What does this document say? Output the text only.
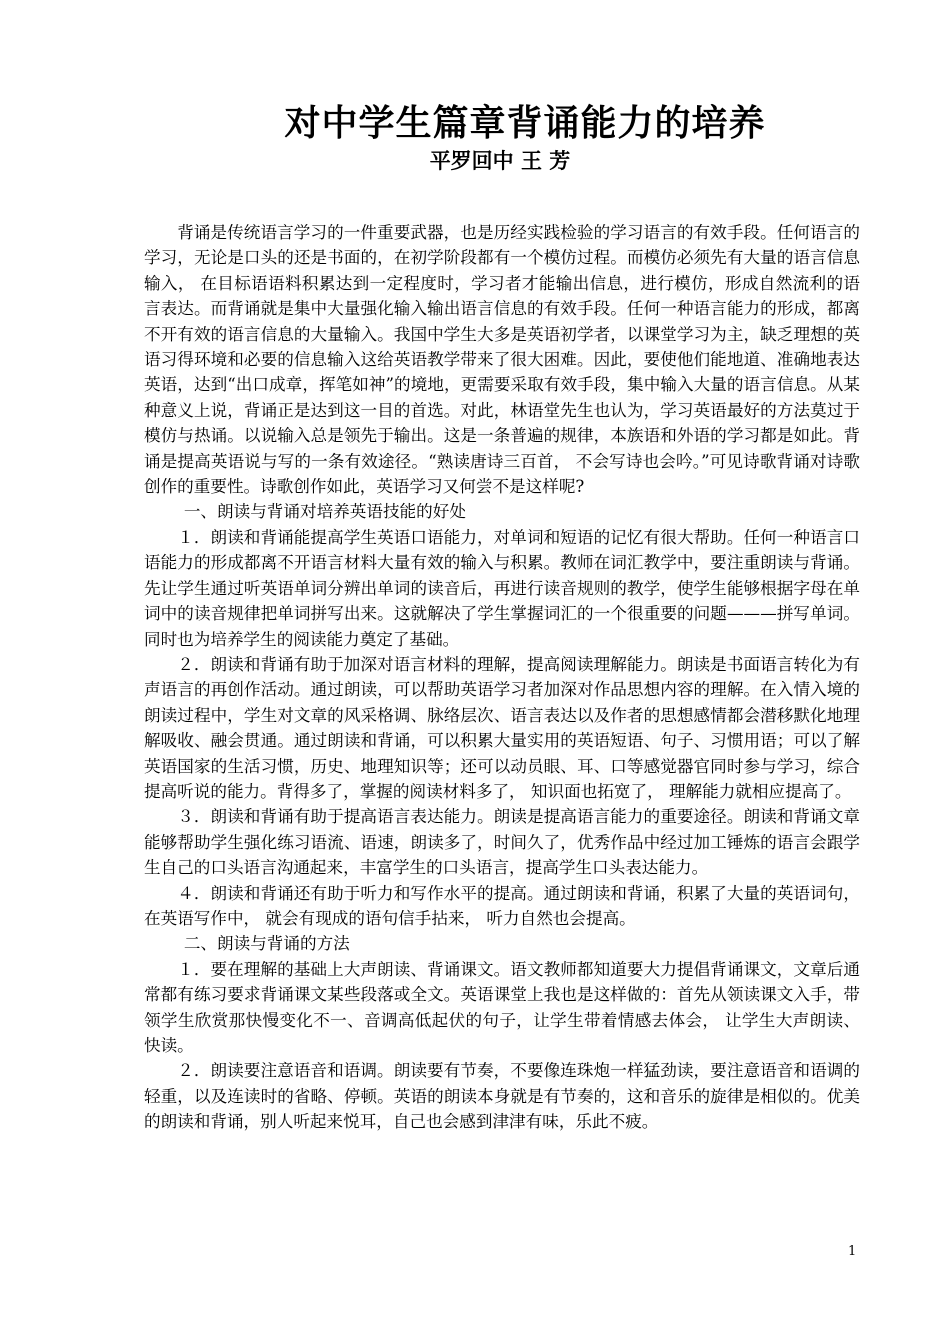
对中学生篇章背诵能力的培养
平罗回中 王 芳

背诵是传统语言学习的一件重要武器，也是历经实践检验的学习语言的有效手段。任何语言的学习，无论是口头的还是书面的，在初学阶段都有一个模仿过程。而模仿必须先有大量的语言信息输入， 在目标语语料积累达到一定程度时，学习者才能输出信息，进行模仿，形成自然流利的语言表达。而背诵就是集中大量强化输入输出语言信息的有效手段。任何一种语言能力的形成，都离不开有效的语言信息的大量输入。我国中学生大多是英语初学者，以课堂学习为主，缺乏理想的英语习得环境和必要的信息输入这给英语教学带来了很大困难。因此，要使他们能地道、准确地表达英语，达到“出口成章，挥笔如神”的境地，更需要采取有效手段，集中输入大量的语言信息。从某种意义上说，背诵正是达到这一目的首选。对此，林语堂先生也认为，学习英语最好的方法莫过于模仿与热诵。以说输入总是领先于输出。这是一条普遍的规律，本族语和外语的学习都是如此。背诵是提高英语说与写的一条有效途径。“熟读唐诗三百首， 不会写诗也会吟。”可见诗歌背诵对诗歌创作的重要性。诗歌创作如此，英语学习又何尝不是这样呢?

一、朗读与背诵对培养英语技能的好处

１．朗读和背诵能提高学生英语口语能力，对单词和短语的记忆有很大帮助。任何一种语言口语能力的形成都离不开语言材料大量有效的输入与积累。教师在词汇教学中，要注重朗读与背诵。先让学生通过听英语单词分辨出单词的读音后，再进行读音规则的教学，使学生能够根据字母在单词中的读音规律把单词拼写出来。这就解决了学生掌握词汇的一个很重要的问题———拼写单词。 同时也为培养学生的阅读能力奠定了基础。

２．朗读和背诵有助于加深对语言材料的理解，提高阅读理解能力。朗读是书面语言转化为有声语言的再创作活动。通过朗读，可以帮助英语学习者加深对作品思想内容的理解。在入情入境的朗读过程中，学生对文章的风采格调、脉络层次、语言表达以及作者的思想感情都会潜移默化地理解吸收、融会贯通。通过朗读和背诵，可以积累大量实用的英语短语、句子、习惯用语；可以了解英语国家的生活习惯，历史、地理知识等；还可以动员眼、耳、口等感觉器官同时参与学习，综合提高听说的能力。背得多了，掌握的阅读材料多了， 知识面也拓宽了， 理解能力就相应提高了。

３．朗读和背诵有助于提高语言表达能力。朗读是提高语言能力的重要途径。朗读和背诵文章能够帮助学生强化练习语流、语速，朗读多了，时间久了，优秀作品中经过加工锤炼的语言会跟学生自己的口头语言沟通起来，丰富学生的口头语言，提高学生口头表达能力。

４．朗读和背诵还有助于听力和写作水平的提高。通过朗读和背诵，积累了大量的英语词句， 在英语写作中， 就会有现成的语句信手拈来， 听力自然也会提高。

二、朗读与背诵的方法

１．要在理解的基础上大声朗读、背诵课文。语文教师都知道要大力提倡背诵课文，文章后通常都有练习要求背诵课文某些段落或全文。英语课堂上我也是这样做的：首先从领读课文入手，带领学生欣赏那快慢变化不一、音调高低起伏的句子，让学生带着情感去体会， 让学生大声朗读、快读。

２．朗读要注意语音和语调。朗读要有节奏，不要像连珠炮一样猛劲读，要注意语音和语调的轻重，以及连读时的省略、停顿。英语的朗读本身就是有节奏的，这和音乐的旋律是相似的。优美的朗读和背诵，别人听起来悦耳，自己也会感到津津有味，乐此不疲。

1
